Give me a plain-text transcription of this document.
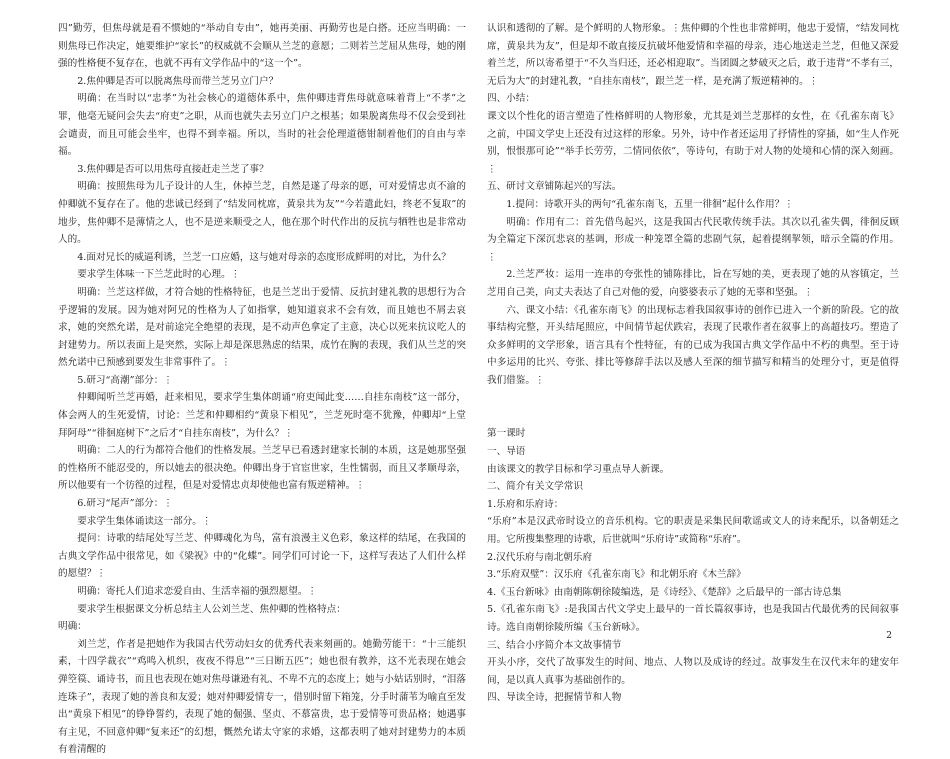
四”勤劳，但焦母就是看不惯她的“举动自专由”，她再美丽、再勤劳也是白搭。还应当明确：一则焦母已作决定，她要维护“家长”的权威就不会顺从兰芝的意愿；二则若兰芝屈从焦母，她的刚强的性格便不复存在，也就不再有文学作品中的“这一个”。

2.焦仲卿是否可以脱离焦母而带兰芝另立门户？

明确：在当时以“忠孝”为社会核心的道德体系中，焦仲卿违背焦母就意味着背上“不孝”之罪，他毫无疑问会失去“府吏”之职，从而也就失去另立门户之根基；如果脱离焦母不仅会受到社会谴责，而且可能会坐牢，也得不到幸福。所以，当时的社会伦理道德钳制着他们的自由与幸福。

3.焦仲卿是否可以用焦母直接赶走兰芝了事？

明确：按照焦母为儿子设计的人生，休掉兰芝，自然是遂了母亲的愿，可对爱情忠贞不渝的仲卿就不复存在了。他的悲诚已经到了“结发同枕席，黄泉共为友”“今若遣此妇，终老不复取”的地步，焦仲卿不是薄情之人，也不是逆来顺受之人，他在那个时代作出的反抗与牺牲也是非常动人的。

4.面对兄长的威逼利诱，兰芝一口应婚，这与她对母亲的态度形成鲜明的对比，为什么？

要求学生体味一下兰芝此时的心理。⋮

明确：兰芝这样做，才符合她的性格特征，也是兰芝出于爱情、反抗封建礼教的思想行为合乎逻辑的发展。因为她对阿兄的性格为人了如指掌，她知道哀求不会有效，而且她也不屑去哀求，她的突然允诺，是对前途完全绝望的表现，是不动声色拿定了主意，决心以死来抗议吃人的封建势力。所以表面上是突然，实际上却是深思熟虑的结果，成竹在胸的表现，我们从兰芝的突然允诺中已预感到要发生非常事件了。⋮

5.研习“高潮”部分：⋮

仲卿闻听兰芝再婚，赶来相见，要求学生集体朗诵“府吏闻此变……自挂东南枝”这一部分，体会两人的生死爱情，讨论：兰芝和仲卿相约“黄泉下相见”，兰芝死时毫不犹豫，仲卿却“上堂拜阿母”“徘徊庭树下”之后才“自挂东南枝”，为什么？⋮

明确：二人的行为都符合他们的性格发展。兰芝早已看透封建家长制的本质，这是她那坚强的性格所不能忍受的，所以她去的很决绝。仲卿出身于官宦世家，生性懦弱，而且又孝顺母亲，所以他要有一个彷徨的过程，但是对爱情忠贞却使他也富有叛逆精神。⋮

6.研习“尾声”部分：⋮

要求学生集体诵读这一部分。⋮

提问：诗歌的结尾处写兰芝、仲卿魂化为鸟，富有浪漫主义色彩，象这样的结尾，在我国的古典文学作品中很常见，如《梁祝》中的“化蝶”。同学们可讨论一下，这样写表达了人们什么样的愿望？⋮

明确：寄托人们追求恋爱自由、生活幸福的强烈愿望。⋮

要求学生根据课文分析总结主人公刘兰芝、焦仲卿的性格特点：

明确：

刘兰芝，作者是把她作为我国古代劳动妇女的优秀代表来刻画的。她勤劳能干：“十三能织素，十四学裁衣”“鸡鸣入机织，夜夜不得息”“三日断五匹”；她也很有教养，这不光表现在她会弹箜篌、诵诗书，而且也表现在她对焦母谦逊有礼、不卑不亢的态度上；她与小姑话别时，“泪落连珠子”，表现了她的善良和友爱；她对仲卿爱情专一，借别时留下箱笼，分手时蒲苇为喻直至发出“黄泉下相见”的铮铮誓约，表现了她的倔强、坚贞、不慕富贵，忠于爱情等可贵品格；她遇事有主见，不回意仲卿“复来还”的幻想，慨然允诺太守家的求婚，这都表明了她对封建势力的本质有着清醒的

认识和透彻的了解。是个鲜明的人物形象。⋮焦仲卿的个性也非常鲜明，他忠于爱情，“结发同枕席，黄泉共为友”，但是却不敢直接反抗破坏他爱情和幸福的母亲，违心地送走兰芝，但他又深爱着兰芝，所以寄希望于“不久当归还，还必相迎取”。当团圆之梦破灭之后，敢于违背“不孝有三，无后为大”的封建礼教，“自挂东南枝”，跟兰芝一样，是充满了叛逆精神的。⋮

四、小结：

课文以个性化的语言塑造了性格鲜明的人物形象，尤其是刘兰芝那样的女性，在《孔雀东南飞》之前，中国文学史上还没有过这样的形象。另外，诗中作者还运用了抒情性的穿插，如“生人作死别，恨恨那可论”“举手长劳劳，二情同依依”，等诗句，有助于对人物的处境和心情的深入刻画。⋮

五、研讨文章铺陈起兴的写法。

1.提问：诗歌开头的两句“孔雀东南飞，五里一徘徊”起什么作用？⋮

明确：作用有二：首先借鸟起兴，这是我国古代民歌传统手法。其次以孔雀失偶，徘徊反顾为全篇定下深沉悲哀的基调，形成一种笼罩全篇的悲剧气氛，起着提纲挈领，暗示全篇的作用。⋮

2.兰芝严妆：运用一连串的夸张性的铺陈排比，旨在写她的美，更表现了她的从容镇定，兰芝用自己美，向丈夫表达了自己对他的爱，向婆婆表示了她的无辜和坚强。⋮

六、课文小结：《孔雀东南飞》的出现标志着我国叙事诗的创作已进入一个新的阶段。它的故事结构完整，开头结尾照应，中间情节起伏跌宕，表现了民歌作者在叙事上的高超技巧。塑造了众多鲜明的文学形象，语言具有个性特征，有的已成为我国古典文学作品中不朽的典型。至于诗中多运用的比兴、夸张、排比等修辞手法以及感人至深的细节描写和精当的处理分寸，更是值得我们借鉴。⋮

第一课时

一、导语

由该课文的教学目标和学习重点导人新课。

二、简介有关文学常识

1.乐府和乐府诗：

“乐府”本是汉武帝时设立的音乐机构。它的职责是采集民间歌谣或文人的诗来配乐，以备朝廷之用。它所搜集整理的诗歌，后世就叫“乐府诗”或简称“乐府”。

2.汉代乐府与南北朝乐府

3.“乐府双璧”：汉乐府《孔雀东南飞》和北朝乐府《木兰辞》

4.《玉台新咏》由南朝陈朝徐陵编选，是《诗经》、《楚辞》之后最早的一部古诗总集

5.《孔雀东南飞》:是我国古代文学史上最早的一首长篇叙事诗，也是我国古代最优秀的民间叙事诗。选自南朝徐陵所编《玉台新咏》。

三、结合小序简介本文故事情节

开头小序，交代了故事发生的时间、地点、人物以及成诗的经过。故事发生在汉代末年的建安年间，是以真人真事为基础创作的。

四、导读全诗，把握情节和人物

2
